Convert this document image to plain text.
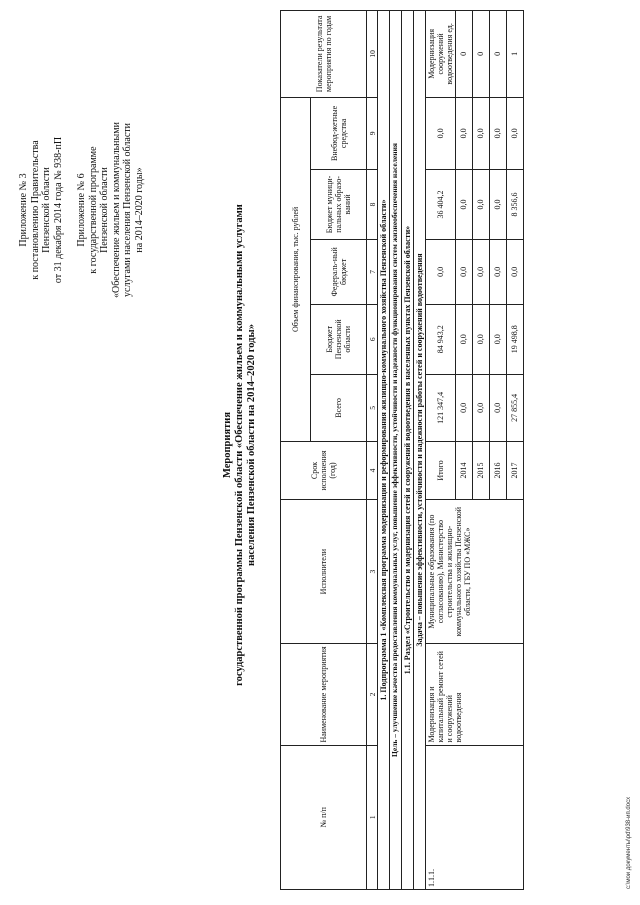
Приложение № 3 к постановлению Правительства Пензенской области от 31 декабря 2014 года № 938-пП Приложение № 6 к государственной программе Пензенской области «Обеспечение жильем и коммунальными услугами населения Пензенской области на 2014–2020 годы»
Мероприятия государственной программы Пензенской области «Обеспечение жильем и коммунальными услугами населения Пензенской области на 2014–2020 годы»
№ п/п	Наименование мероприятия	Исполнители	Срок исполнения (год)	Объем финансирования, тыс. рублей					Показатели результата мероприятия по годам
				Всего	Бюджет Пензенской области	Федераль-ный бюджет	Бюджет муници-пальных образо-ваний	Внебюд-жетные средства	
1	2	3	4	5	6	7	8	9	10
1. Подпрограмма 1 «Комплексная программа модернизации и реформирования жилищно-коммунального хозяйства Пензенской области»									
Цель – улучшение качества предоставления коммунальных услуг, повышение эффективности, устойчивости и надежности функционирования систем жизнеобеспечения населения									
1.1. Раздел «Строительство и модернизация сетей и сооружений водоотведения в населенных пунктах Пензенской области»									
Задача – повышение эффективности, устойчивости и надежности работы сетей и сооружений водоотведения									
1.1.1.	Модернизация и капитальный ремонт сетей и сооружений водоотведения	Муниципальные образования (по согласованию), Министерство строительства и жилищно-коммунального хозяйства Пензенской области, ГБУ ПО «МЖС»	Итого	121 347,4	84 943,2	0,0	36 404,2	0,0	Модернизация сооружений водоотведения ед.
			2014	0,0	0,0	0,0	0,0	0,0	0
			2015	0,0	0,0	0,0	0,0	0,0	0
			2016	0,0	0,0	0,0	0,0	0,0	0
			2017	27 855,4	19 498,8	0,0	8 356,6	0,0	1
c:\мои документы\pd\938-ип.docx
